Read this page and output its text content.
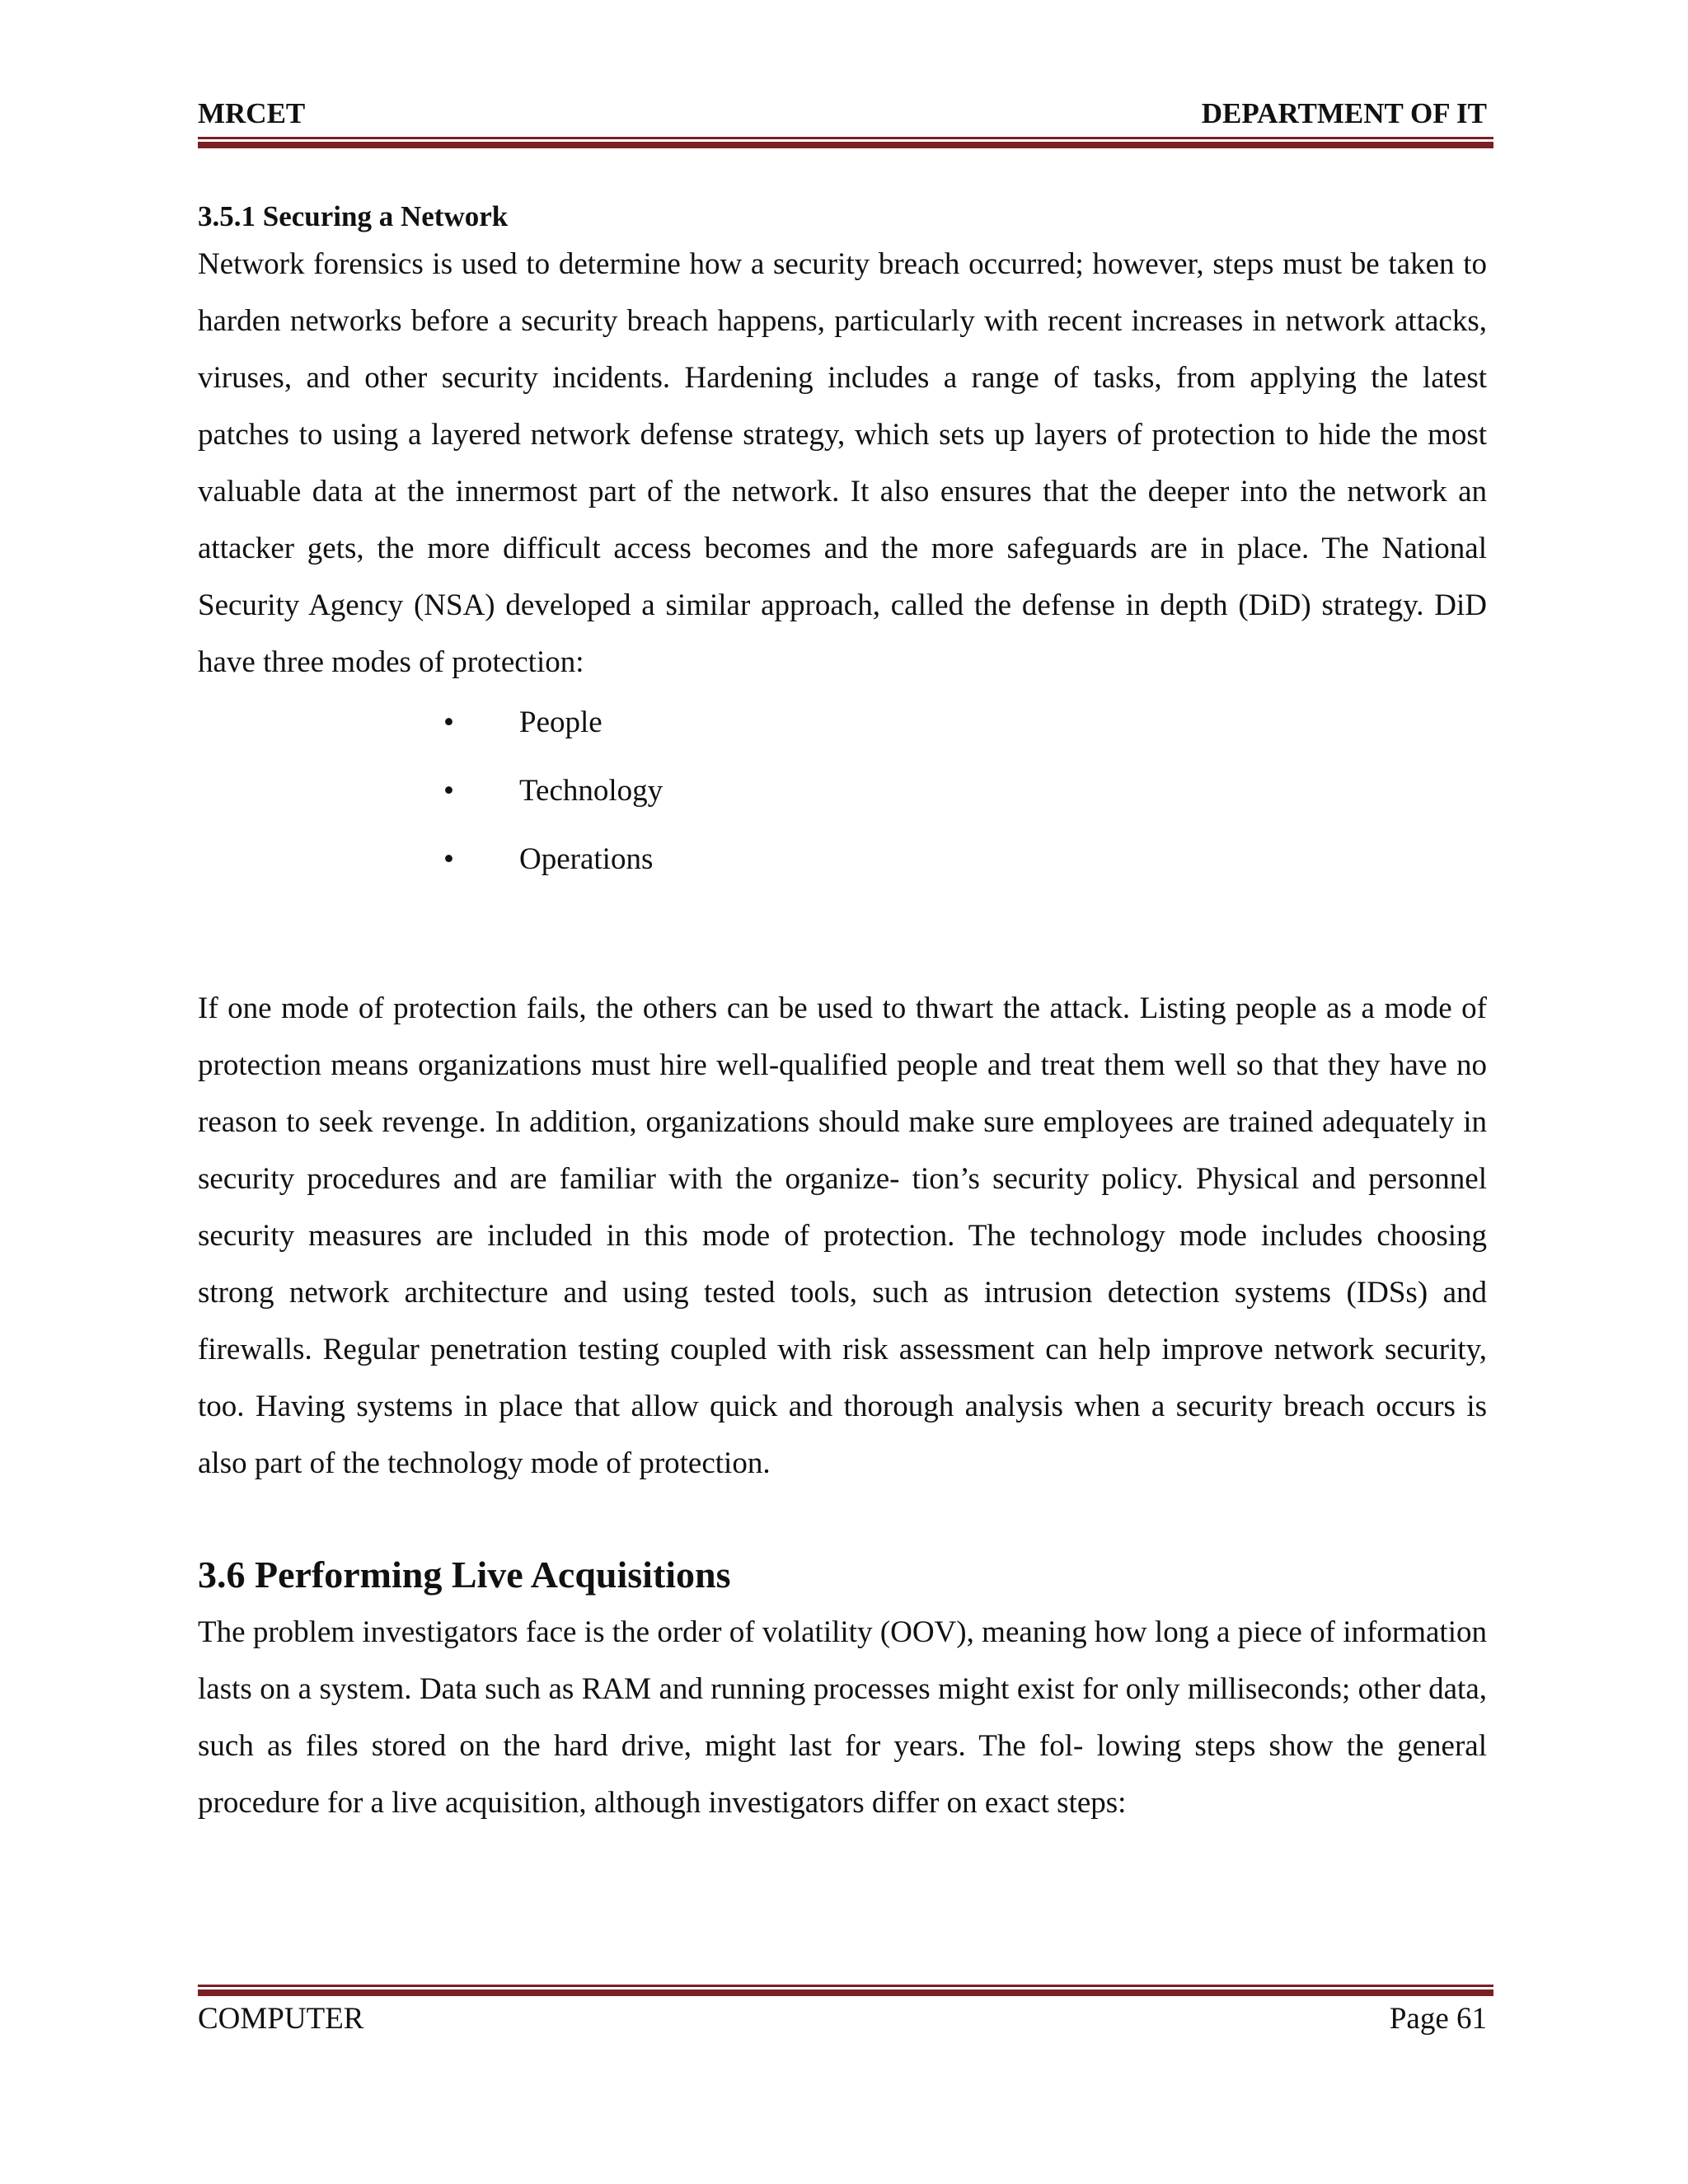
MRCET	DEPARTMENT OF IT
3.5.1 Securing a Network

Network forensics is used to determine how a security breach occurred; however, steps must be taken to harden networks before a security breach happens, particularly with recent increases in network attacks, viruses, and other security incidents. Hardening includes a range of tasks, from applying the latest patches to using a layered network defense strategy, which sets up layers of protection to hide the most valuable data at the innermost part of the network. It also ensures that the deeper into the network an attacker gets, the more difficult access becomes and the more safeguards are in place. The National Security Agency (NSA) developed a similar approach, called the defense in depth (DiD) strategy. DiD have three modes of protection:

• People
• Technology
• Operations

If one mode of protection fails, the others can be used to thwart the attack. Listing people as a mode of protection means organizations must hire well-qualified people and treat them well so that they have no reason to seek revenge. In addition, organizations should make sure employees are trained adequately in security procedures and are familiar with the organize- tion’s security policy. Physical and personnel security measures are included in this mode of protection. The technology mode includes choosing strong network architecture and using tested tools, such as intrusion detection systems (IDSs) and firewalls. Regular penetration testing coupled with risk assessment can help improve network security, too. Having systems in place that allow quick and thorough analysis when a security breach occurs is also part of the technology mode of protection.

3.6 Performing Live Acquisitions

The problem investigators face is the order of volatility (OOV), meaning how long a piece of information lasts on a system. Data such as RAM and running processes might exist for only milliseconds; other data, such as files stored on the hard drive, might last for years. The fol- lowing steps show the general procedure for a live acquisition, although investigators differ on exact steps:

COMPUTER	Page 61
